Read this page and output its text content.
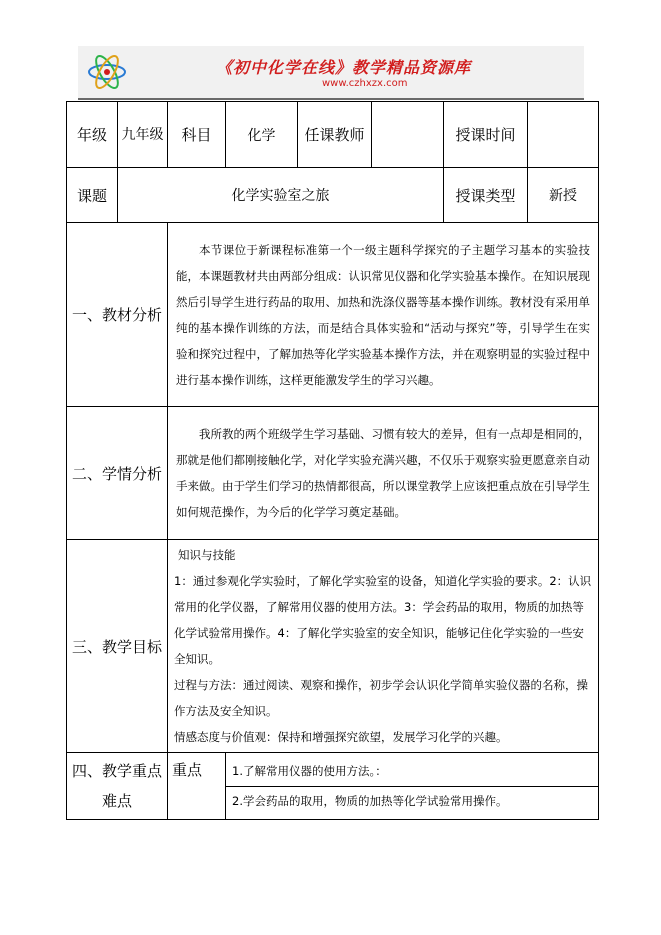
《初中化学在线》教学精品资源库
www.czhxzx.com
年级	九年级	科目	化学	任课教师		授课时间	
课题	化学实验室之旅					授课类型	新授
一、教材分析		本节课位于新课程标准第一个一级主题科学探究的子主题学习基本的实验技能，本课题教材共由两部分组成：认识常见仪器和化学实验基本操作。在知识展现然后引导学生进行药品的取用、加热和洗涤仪器等基本操作训练。教材没有采用单纯的基本操作训练的方法，而是结合具体实验和“活动与探究”等，引导学生在实验和探究过程中，了解加热等化学实验基本操作方法，并在观察明显的实验过程中进行基本操作训练，这样更能激发学生的学习兴趣。					

二、学情分析		我所教的两个班级学生学习基础、习惯有较大的差异，但有一点却是相同的，那就是他们都刚接触化学，对化学实验充满兴趣，不仅乐于观察实验更愿意亲自动手来做。由于学生们学习的热情都很高，所以课堂教学上应该把重点放在引导学生如何规范操作，为今后的化学学习奠定基础。					

三、教学目标		知识与技能
1：通过参观化学实验时，了解化学实验室的设备，知道化学实验的要求。2：认识常用的化学仪器，了解常用仪器的使用方法。3：学会药品的取用，物质的加热等化学试验常用操作。4：了解化学实验室的安全知识，能够记住化学实验的一些安全知识。
过程与方法：通过阅读、观察和操作，初步学会认识化学简单实验仪器的名称，操作方法及安全知识。
情感态度与价值观：保持和增强探究欲望，发展学习化学的兴趣。					

四、教学重点难点		重点	1.了解常用仪器的使用方法。：
2.学会药品的取用，物质的加热等化学试验常用操作。				
